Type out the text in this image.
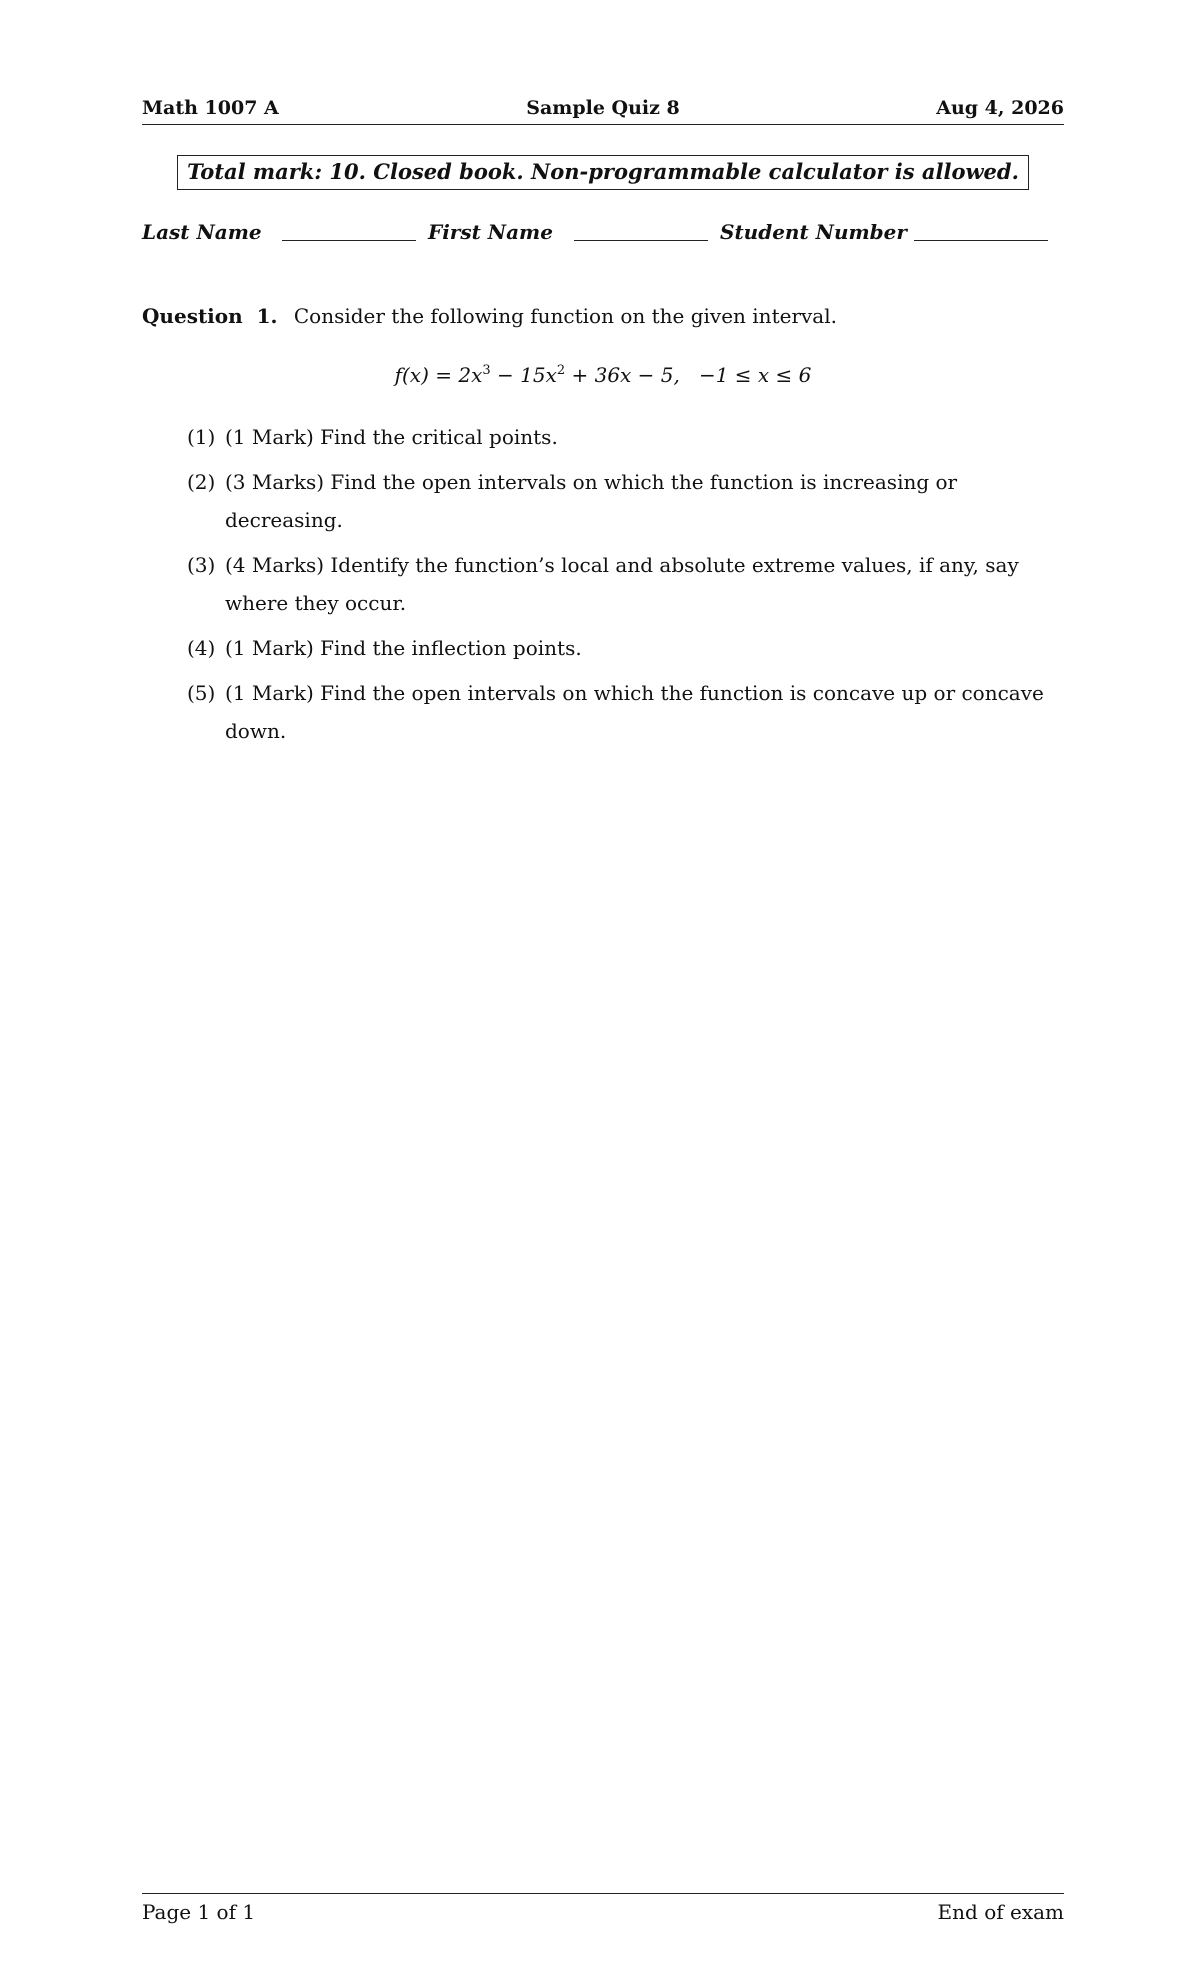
Math 1007 A	Sample Quiz 8	Aug 4, 2026
Total mark: 10. Closed book. Non-programmable calculator is allowed.
Last Name	First Name	Student Number
Question 1. Consider the following function on the given interval.
$f(x) = 2x^3 - 15x^2 + 36x - 5$, −1 ≤ x ≤ 6
(1) (1 Mark) Find the critical points.
(2) (3 Marks) Find the open intervals on which the function is increasing or decreasing.
(3) (4 Marks) Identify the function’s local and absolute extreme values, if any, say where they occur.
(4) (1 Mark) Find the inflection points.
(5) (1 Mark) Find the open intervals on which the function is concave up or concave down.
Page 1 of 1	End of exam
